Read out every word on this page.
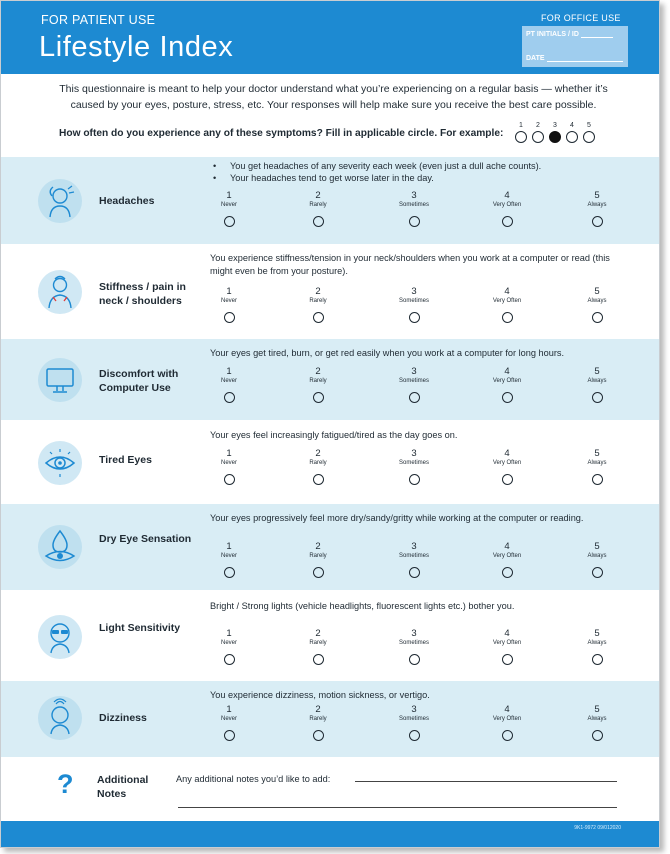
FOR PATIENT USE
Lifestyle Index
FOR OFFICE USE
PT INITIALS / ID
DATE
This questionnaire is meant to help your doctor understand what you’re experiencing on a regular basis — whether it’s caused by your eyes, posture, stress, etc. Your responses will help make sure you receive the best care possible.
How often do you experience any of these symptoms? Fill in applicable circle. For example:
1	2	3	4	5
Headaches
• You get headaches of any severity each week (even just a dull ache counts).
• Your headaches tend to get worse later in the day.
1
Never
2
Rarely
3
Sometimes
4
Very Often
5
Always
Stiffness / pain in neck / shoulders
You experience stiffness/tension in your neck/shoulders when you work at a computer or read (this might even be from your posture).
1
Never
2
Rarely
3
Sometimes
4
Very Often
5
Always
Discomfort with Computer Use
Your eyes get tired, burn, or get red easily when you work at a computer for long hours.
1
Never
2
Rarely
3
Sometimes
4
Very Often
5
Always
Tired Eyes
Your eyes feel increasingly fatigued/tired as the day goes on.
1
Never
2
Rarely
3
Sometimes
4
Very Often
5
Always
Dry Eye Sensation
Your eyes progressively feel more dry/sandy/gritty while working at the computer or reading.
1
Never
2
Rarely
3
Sometimes
4
Very Often
5
Always
Light Sensitivity
Bright / Strong lights (vehicle headlights, fluorescent lights etc.) bother you.
1
Never
2
Rarely
3
Sometimes
4
Very Often
5
Always
Dizziness
You experience dizziness, motion sickness, or vertigo.
1
Never
2
Rarely
3
Sometimes
4
Very Often
5
Always
? Additional
Notes
Any additional notes you’d like to add:
9K1-9972 09/012020
